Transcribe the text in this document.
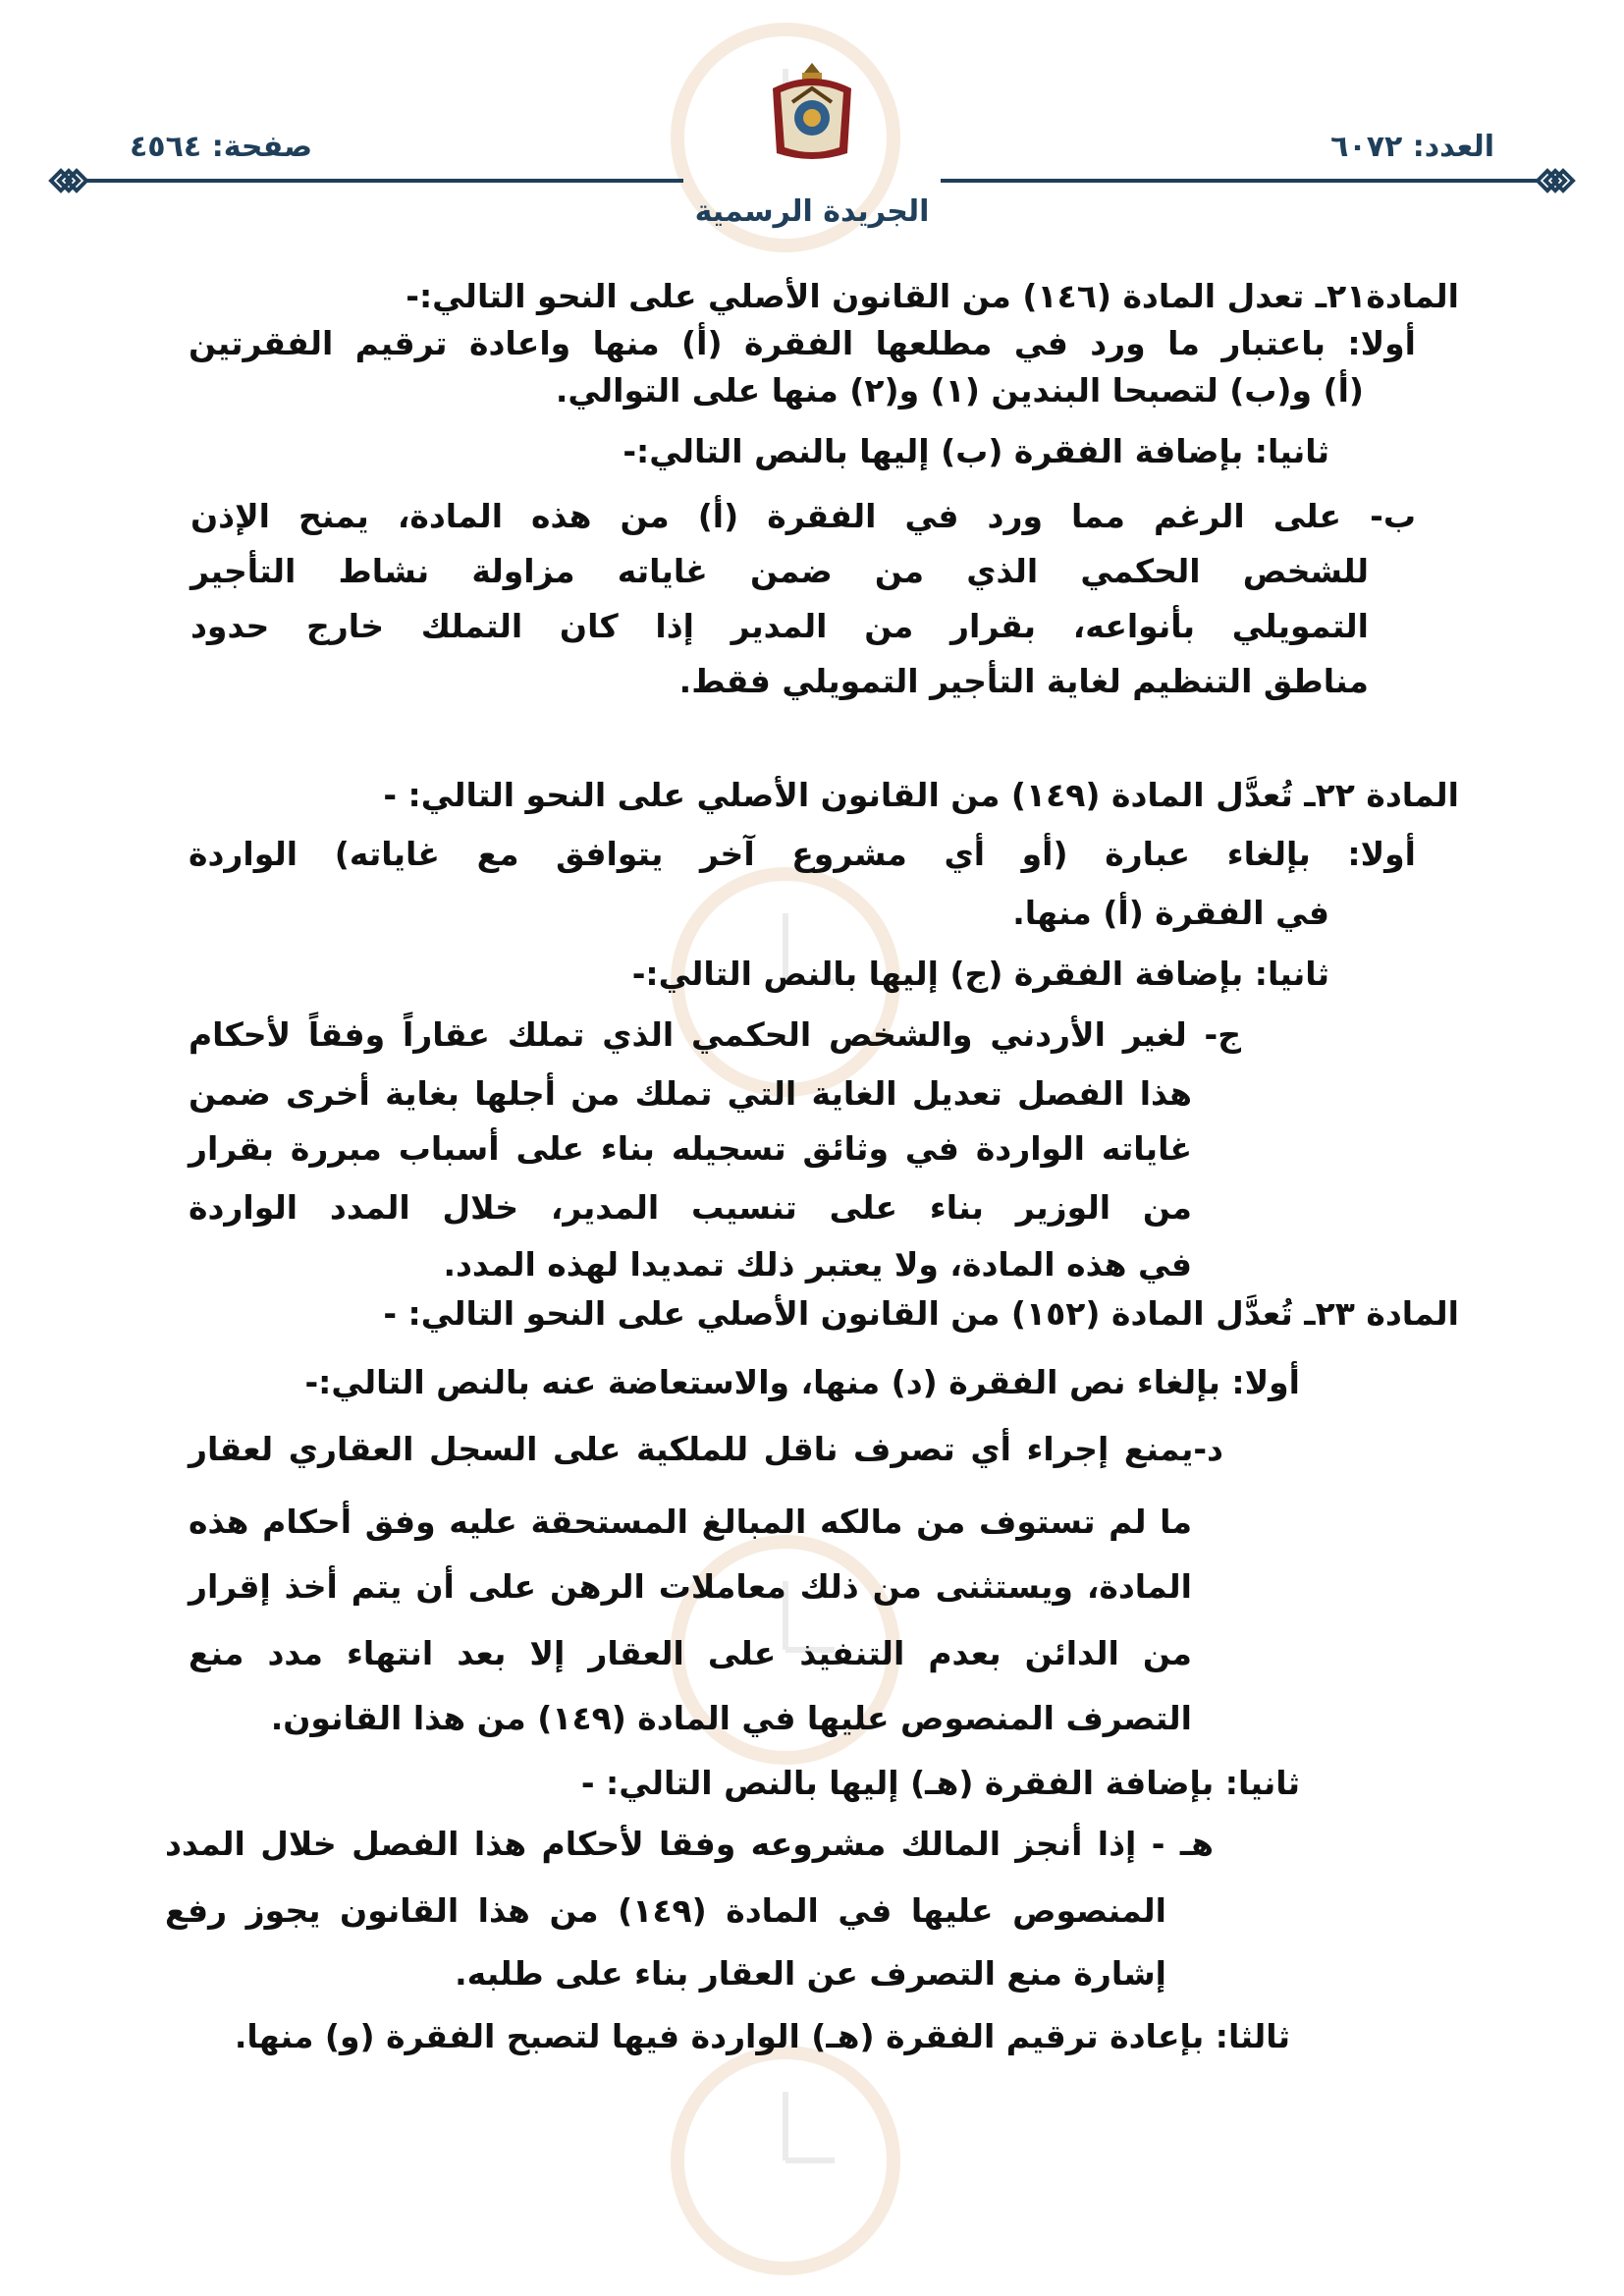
العدد: ٦٠٧٢
صفحة: ٤٥٦٤
الجريدة الرسمية
المادة٢١ـ تعدل المادة (١٤٦) من القانون الأصلي على النحو التالي:-
أولا: باعتبار ما ورد في مطلعها الفقرة (أ) منها واعادة ترقيم الفقرتين
(أ) و(ب) لتصبحا البندين (١) و(٢) منها على التوالي.
ثانيا: بإضافة الفقرة (ب) إليها بالنص التالي:-
ب- على الرغم مما ورد في الفقرة (أ) من هذه المادة، يمنح الإذن
للشخص الحكمي الذي من ضمن غاياته مزاولة نشاط التأجير
التمويلي بأنواعه، بقرار من المدير إذا كان التملك خارج حدود
مناطق التنظيم لغاية التأجير التمويلي فقط.
المادة ٢٢ـ تُعدَّل المادة (١٤٩) من القانون الأصلي على النحو التالي: -
أولا: بإلغاء عبارة (أو أي مشروع آخر يتوافق مع غاياته) الواردة
في الفقرة (أ) منها.
ثانيا: بإضافة الفقرة (ج) إليها بالنص التالي:-
ج- لغير الأردني والشخص الحكمي الذي تملك عقاراً وفقاً لأحكام
هذا الفصل تعديل الغاية التي تملك من أجلها بغاية أخرى ضمن
غاياته الواردة في وثائق تسجيله بناء على أسباب مبررة بقرار
من الوزير بناء على تنسيب المدير، خلال المدد الواردة
في هذه المادة، ولا يعتبر ذلك تمديدا لهذه المدد.
المادة ٢٣ـ تُعدَّل المادة (١٥٢) من القانون الأصلي على النحو التالي: -
أولا: بإلغاء نص الفقرة (د) منها، والاستعاضة عنه بالنص التالي:-
د-يمنع إجراء أي تصرف ناقل للملكية على السجل العقاري لعقار
ما لم تستوف من مالكه المبالغ المستحقة عليه وفق أحكام هذه
المادة، ويستثنى من ذلك معاملات الرهن على أن يتم أخذ إقرار
من الدائن بعدم التنفيذ على العقار إلا بعد انتهاء مدد منع
التصرف المنصوص عليها في المادة (١٤٩) من هذا القانون.
ثانيا: بإضافة الفقرة (هـ) إليها بالنص التالي: -
هـ - إذا أنجز المالك مشروعه وفقا لأحكام هذا الفصل خلال المدد
المنصوص عليها في المادة (١٤٩) من هذا القانون يجوز رفع
إشارة منع التصرف عن العقار بناء على طلبه.
ثالثا: بإعادة ترقيم الفقرة (هـ) الواردة فيها لتصبح الفقرة (و) منها.
